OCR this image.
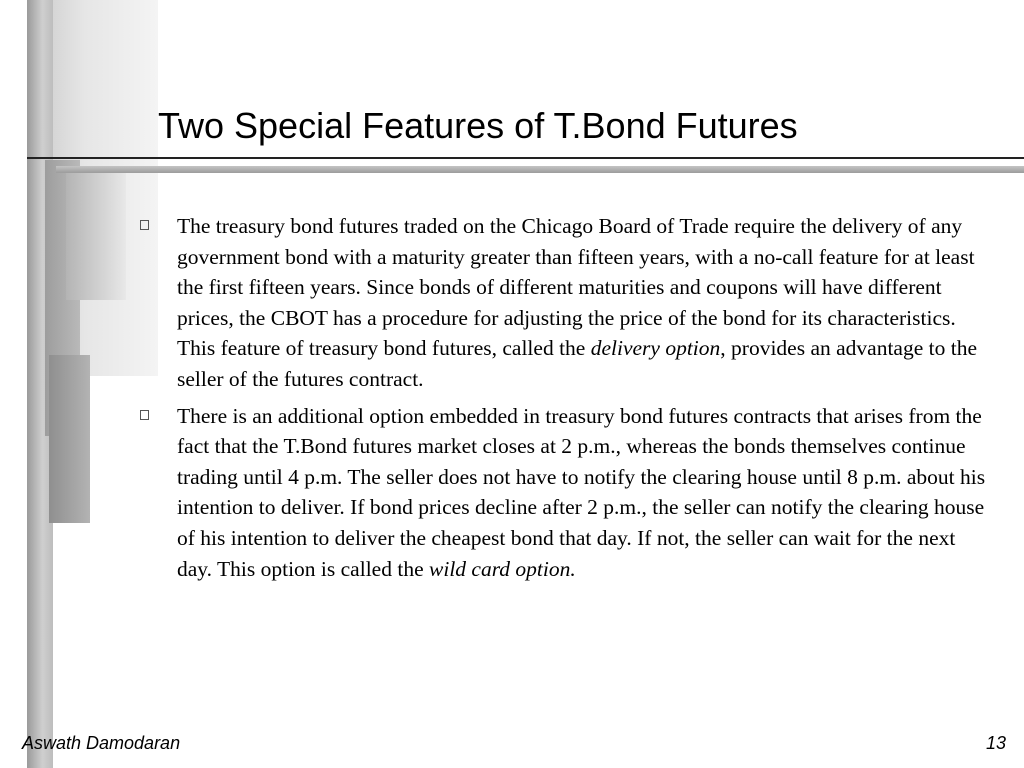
Two Special Features of T.Bond Futures
The treasury bond futures traded on the Chicago Board of Trade require the delivery of any government bond with a maturity greater than fifteen years, with a no-call feature for at least the first fifteen years. Since bonds of different maturities and coupons will have different prices, the CBOT has a procedure for adjusting the price of the bond for its characteristics. This feature of treasury bond futures, called the delivery option, provides an advantage to the seller of the futures contract.
There is an additional option embedded in treasury bond futures contracts that arises from the fact that the T.Bond futures market closes at 2 p.m., whereas the bonds themselves continue trading until 4 p.m. The seller does not have to notify the clearing house until 8 p.m. about his intention to deliver. If bond prices decline after 2 p.m., the seller can notify the clearing house of his intention to deliver the cheapest bond that day. If not, the seller can wait for the next day. This option is called the wild card option.
Aswath Damodaran	13
